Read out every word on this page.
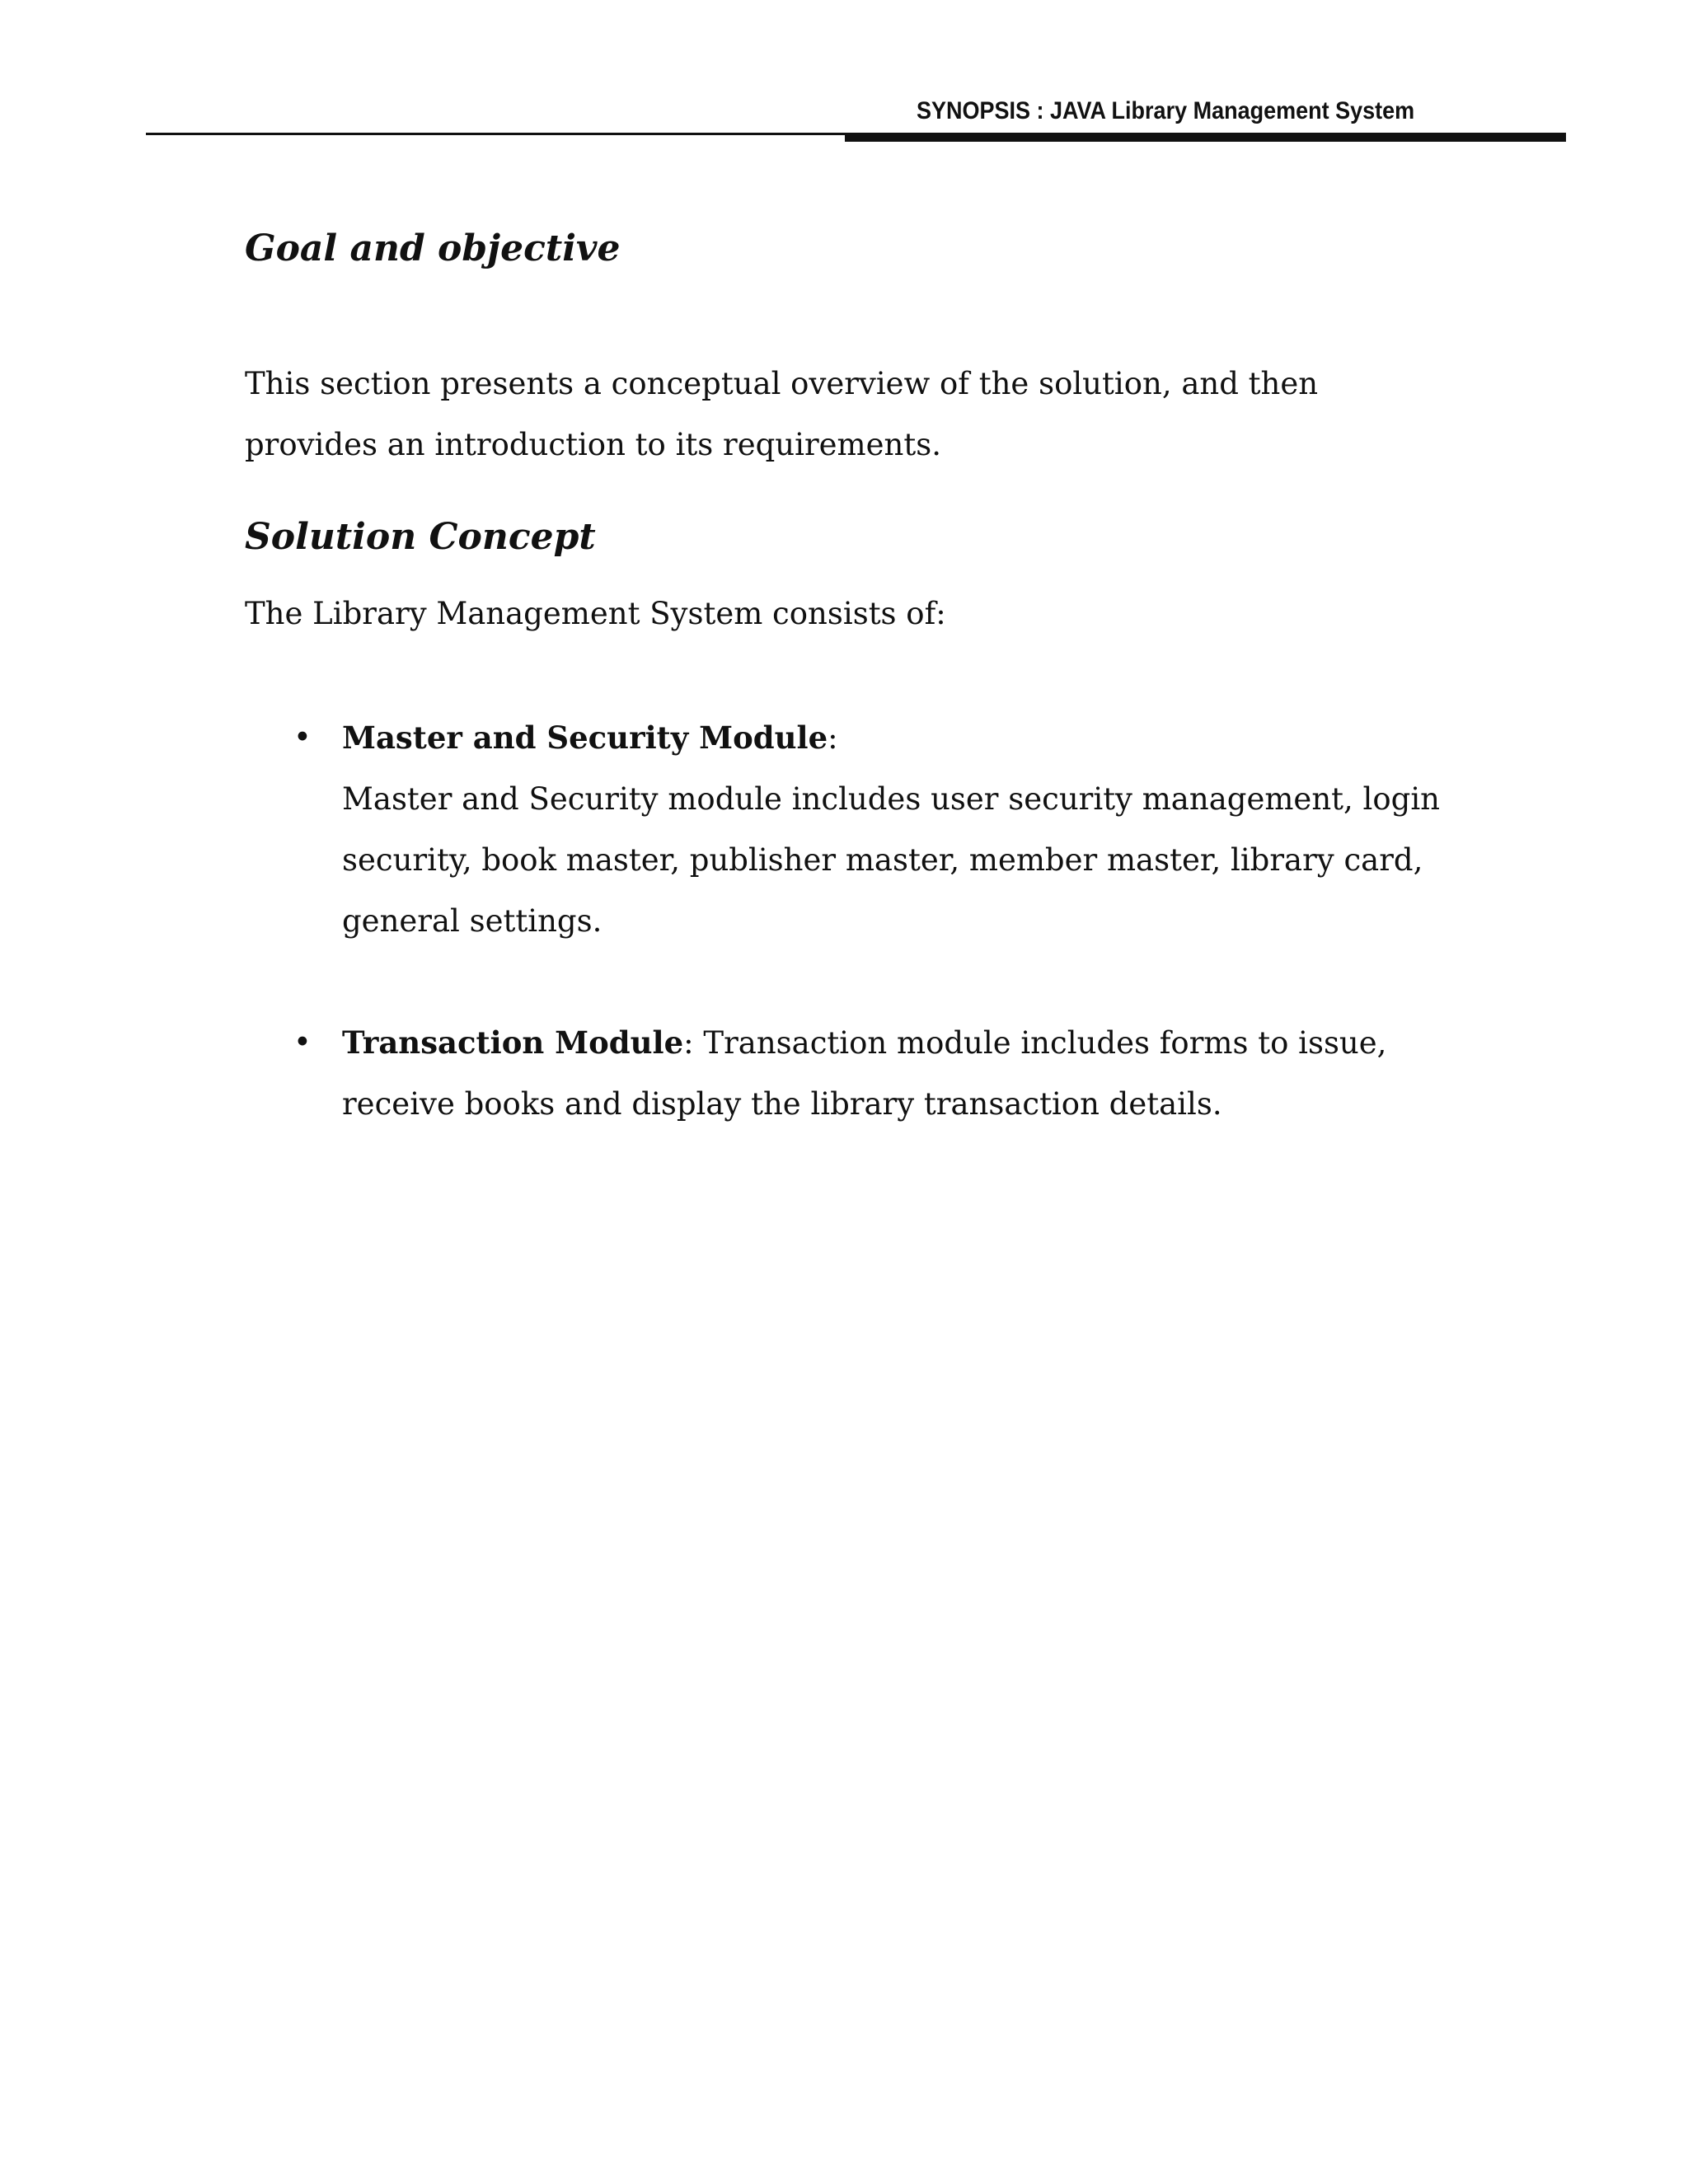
SYNOPSIS : JAVA Library Management System
Goal and objective

This section presents a conceptual overview of the solution, and then provides an introduction to its requirements.

Solution Concept

The Library Management System consists of:

• Master and Security Module:
Master and Security module includes user security management, login security, book master, publisher master, member master, library card, general settings.

• Transaction Module: Transaction module includes forms to issue, receive books and display the library transaction details.
